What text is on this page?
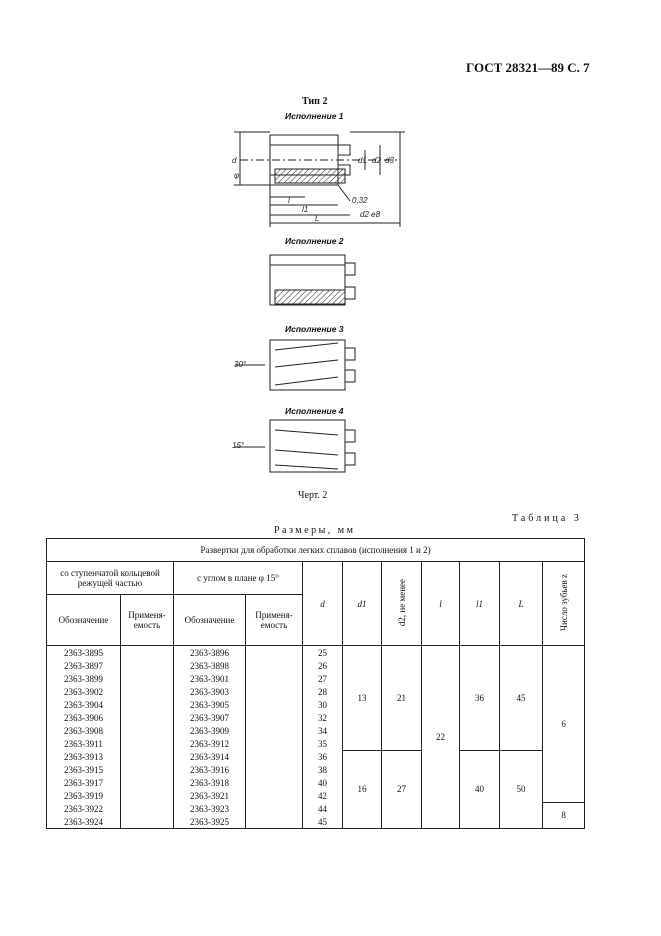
ГОСТ 28321—89 С. 7
Тип 2
d
φ
d1 d2 d3
l
l1
L
0,32
d2 e8
30°
15°
Исполнение 1
Исполнение 2
Исполнение 3
Исполнение 4
Черт. 2
Таблица 3
Размеры, мм
Развертки для обработки легких сплавов (исполнения 1 и 2)										
со ступенчатой кольцевой режущей частью		с углом в плане φ 15°		d	d1	d2, не менее	l	l1	L	Число зубьев z
Обозначение	Применя- емость	Обозначение	Применя- емость							
2363-3895		2363-3896		25	13	21	22	36	45	6
2363-3897		2363-3898		26						
2363-3899		2363-3901		27						
2363-3902		2363-3903		28						
2363-3904		2363-3905		30						
2363-3906		2363-3907		32						
2363-3908		2363-3909		34						
2363-3911		2363-3912		35						
2363-3913		2363-3914		36	16	27		40	50	
2363-3915		2363-3916		38						
2363-3917		2363-3918		40						
2363-3919		2363-3921		42						
2363-3922		2363-3923		44						8
2363-3924		2363-3925		45						
